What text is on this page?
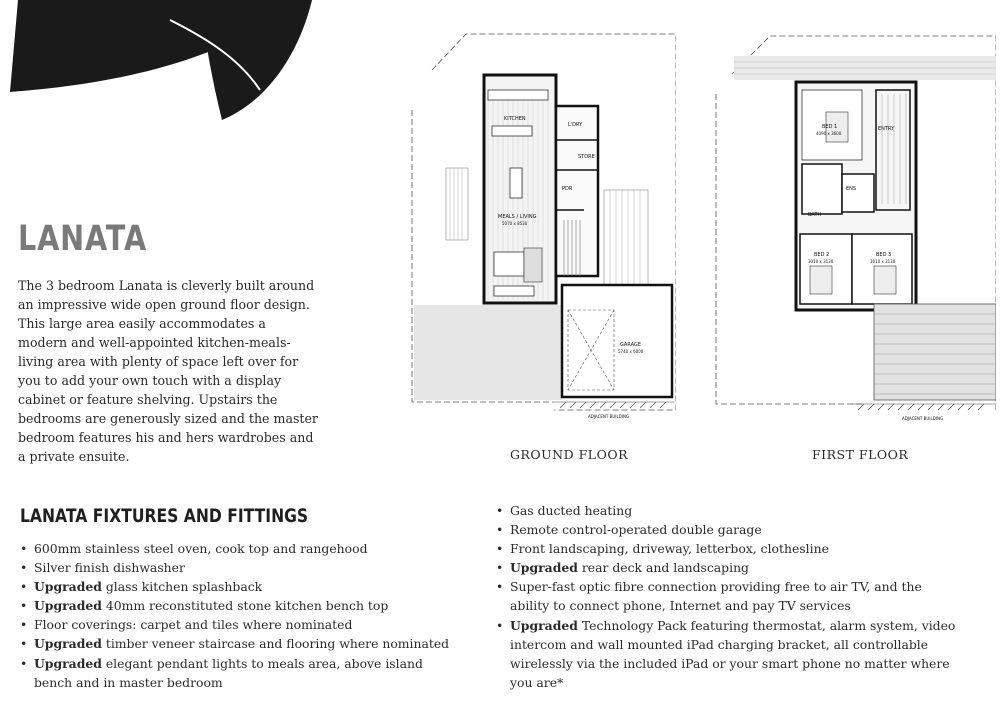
LANATA

The 3 bedroom Lanata is cleverly built around an impressive wide open ground floor design. This large area easily accommodates a modern and well-appointed kitchen-meals-living area with plenty of space left over for you to add your own touch with a display cabinet or feature shelving. Upstairs the bedrooms are generously sized and the master bedroom features his and hers wardrobes and a private ensuite.

KITCHEN
L'DRY
STORE
PDR
MEALS / LIVING
5070 x 8530
GARAGE
5740 x 6000
ADJACENT BUILDING
BED 1
4090 x 3600
ENTRY
ENS
BATH
BED 2
3010 x 3130
BED 3
3010 x 3130
ADJACENT BUILDING
GROUND FLOOR	FIRST FLOOR
LANATA FIXTURES AND FITTINGS
• 600mm stainless steel oven, cook top and rangehood
• Silver finish dishwasher
• Upgraded glass kitchen splashback
• Upgraded 40mm reconstituted stone kitchen bench top
• Floor coverings: carpet and tiles where nominated
• Upgraded timber veneer staircase and flooring where nominated
• Upgraded elegant pendant lights to meals area, above island bench and in master bedroom
• Gas ducted heating
• Remote control-operated double garage
• Front landscaping, driveway, letterbox, clothesline
• Upgraded rear deck and landscaping
• Super-fast optic fibre connection providing free to air TV, and the ability to connect phone, Internet and pay TV services
• Upgraded Technology Pack featuring thermostat, alarm system, video intercom and wall mounted iPad charging bracket, all controllable wirelessly via the included iPad or your smart phone no matter where you are*
